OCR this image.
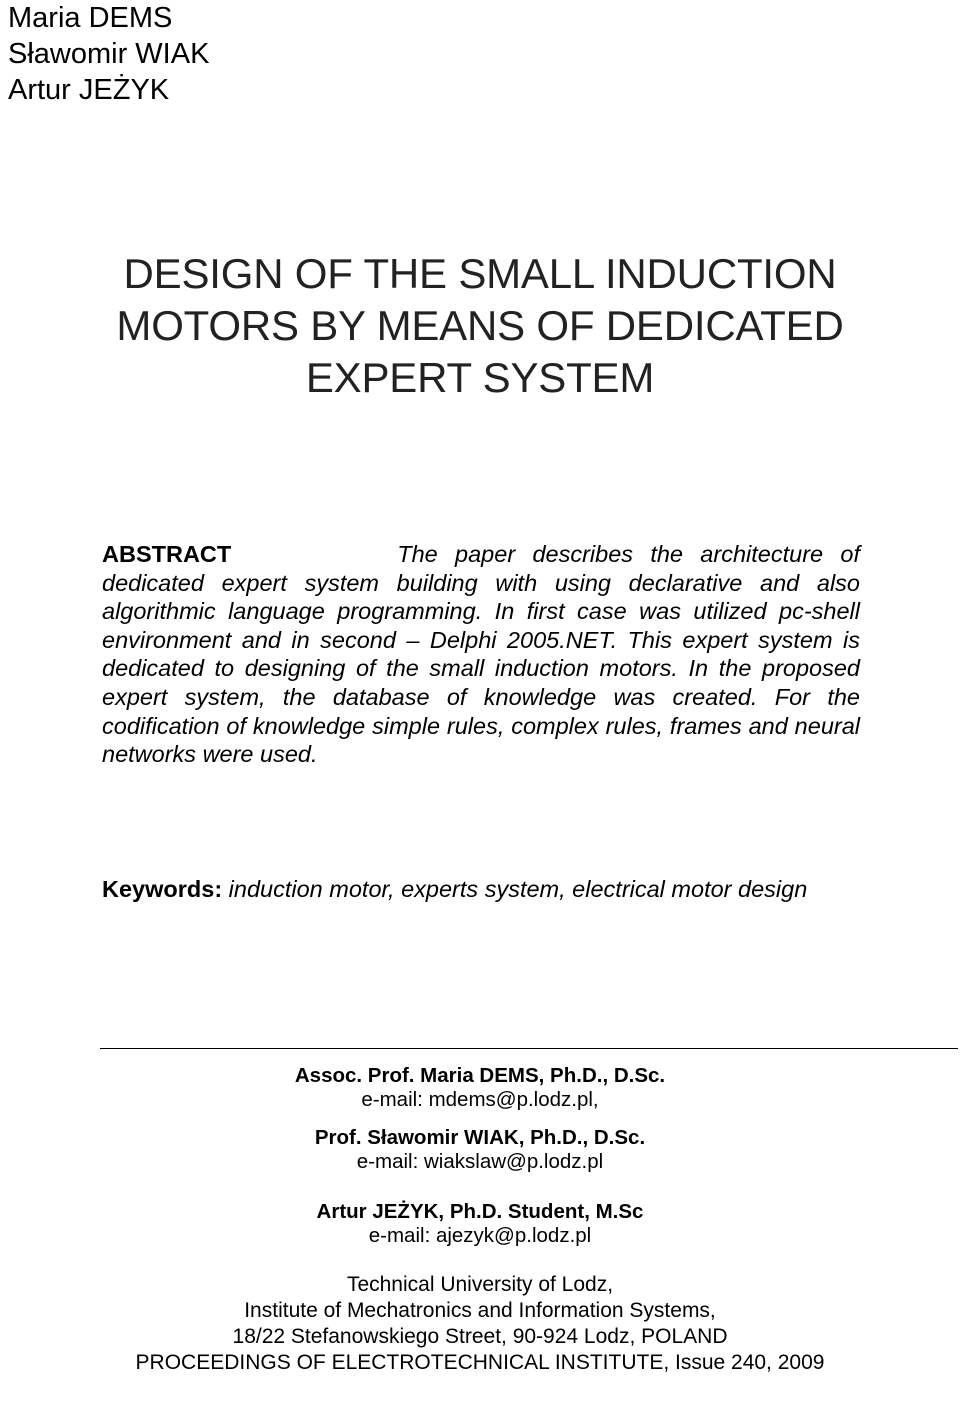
Maria DEMS
Sławomir WIAK
Artur JEŻYK
DESIGN OF THE SMALL INDUCTION
MOTORS BY MEANS OF DEDICATED
EXPERT SYSTEM
ABSTRACT	The paper describes the architecture of dedicated expert system building with using declarative and also algorithmic language programming. In first case was utilized pc-shell environment and in second – Delphi 2005.NET. This expert system is dedicated to designing of the small induction motors. In the proposed expert system, the database of knowledge was created. For the codification of knowledge simple rules, complex rules, frames and neural networks were used.
Keywords: induction motor, experts system, electrical motor design
Assoc. Prof. Maria DEMS, Ph.D., D.Sc.
e-mail: mdems@p.lodz.pl,
Prof. Sławomir WIAK, Ph.D., D.Sc.
e-mail: wiakslaw@p.lodz.pl
Artur JEŻYK, Ph.D. Student, M.Sc
e-mail: ajezyk@p.lodz.pl
Technical University of Lodz,
Institute of Mechatronics and Information Systems,
18/22 Stefanowskiego Street, 90-924 Lodz, POLAND
PROCEEDINGS OF ELECTROTECHNICAL INSTITUTE, Issue 240, 2009
